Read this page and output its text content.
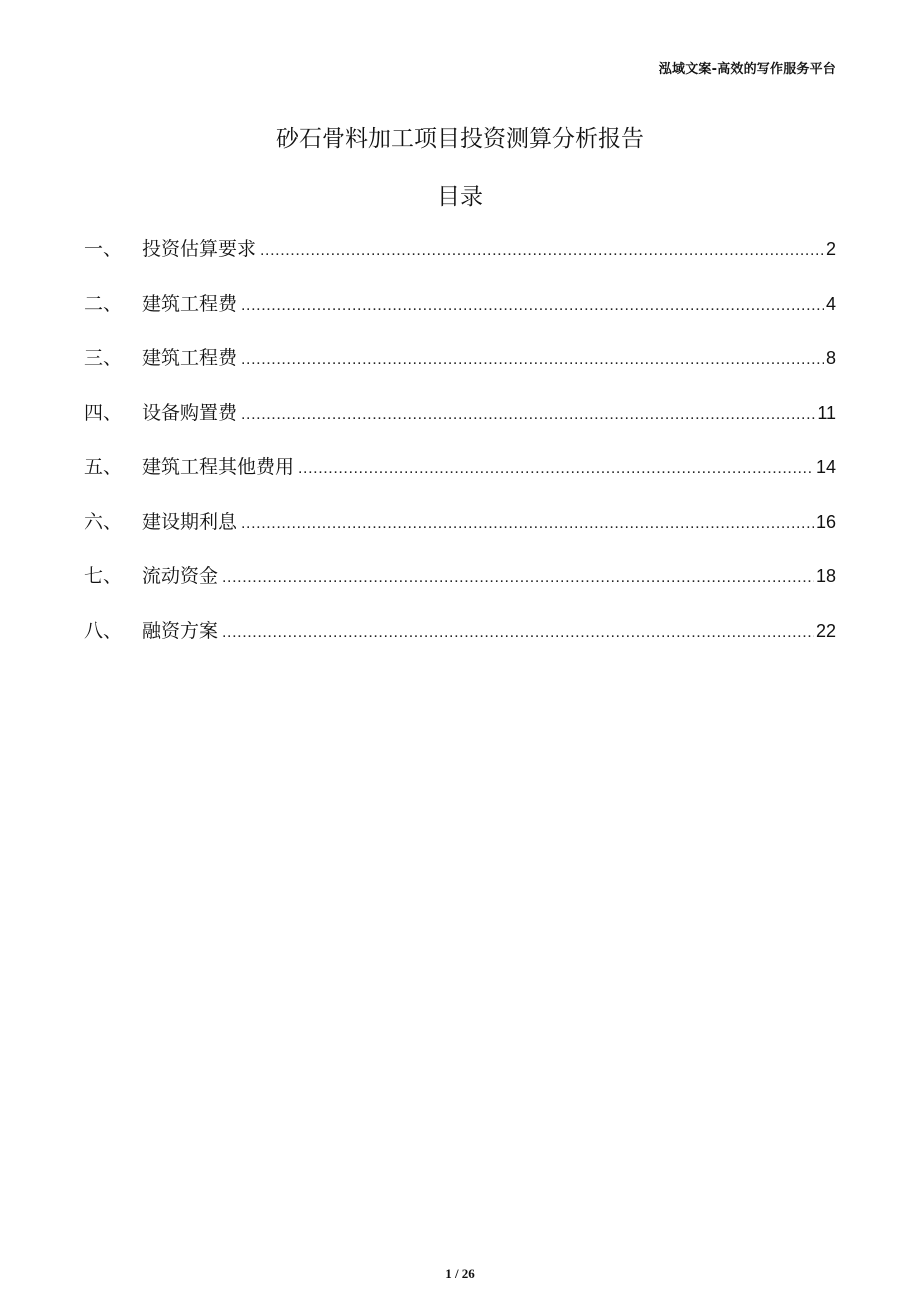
泓域文案-高效的写作服务平台
砂石骨料加工项目投资测算分析报告
目录
一、	投资估算要求 .....	2
二、	建筑工程费 .....	4
三、	建筑工程费 .....	8
四、	设备购置费 .....	11
五、	建筑工程其他费用 .....	14
六、	建设期利息 .....	16
七、	流动资金 .....	18
八、	融资方案 .....	22
1 / 26
